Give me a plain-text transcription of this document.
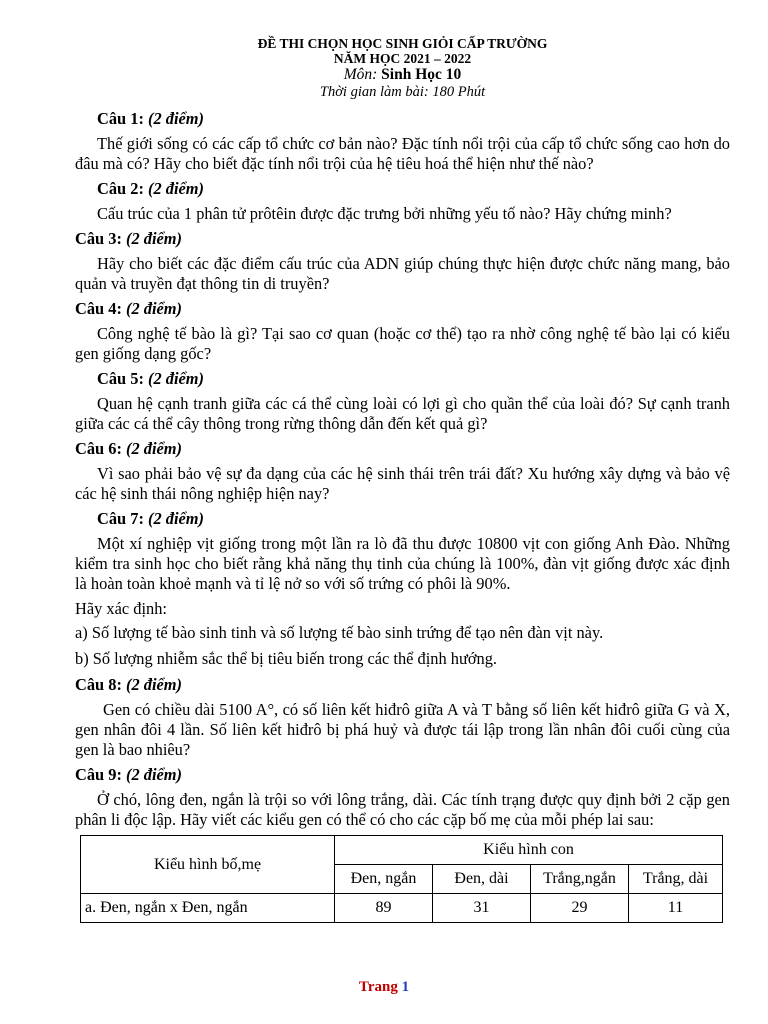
ĐỀ THI CHỌN HỌC SINH GIỎI CẤP TRƯỜNG
NĂM HỌC 2021 – 2022
Môn: Sinh Học 10
Thời gian làm bài: 180 Phút
Câu 1: (2 điểm)
Thế giới sống có các cấp tổ chức cơ bản nào? Đặc tính nổi trội của cấp tổ chức sống cao hơn do đâu mà có? Hãy cho biết đặc tính nổi trội của hệ tiêu hoá thể hiện như thế nào?
Câu 2: (2 điểm)
Cấu trúc của 1 phân tử prôtêin được đặc trưng bởi những yếu tố nào? Hãy chứng minh?
Câu 3: (2 điểm)
Hãy cho biết các đặc điểm cấu trúc của ADN giúp chúng thực hiện được chức năng mang, bảo quản và truyền đạt thông tin di truyền?
Câu 4: (2 điểm)
Công nghệ tế bào là gì? Tại sao cơ quan (hoặc cơ thể) tạo ra nhờ công nghệ tế bào lại có kiểu gen giống dạng gốc?
Câu 5: (2 điểm)
Quan hệ cạnh tranh giữa các cá thể cùng loài có lợi gì cho quần thể của loài đó? Sự cạnh tranh giữa các cá thể cây thông trong rừng thông dẫn đến kết quả gì?
Câu 6: (2 điểm)
Vì sao phải bảo vệ sự đa dạng của các hệ sinh thái trên trái đất? Xu hướng xây dựng và bảo vệ các hệ sinh thái nông nghiệp hiện nay?
Câu 7: (2 điểm)
Một xí nghiệp vịt giống trong một lần ra lò đã thu được 10800 vịt con giống Anh Đào. Những kiểm tra sinh học cho biết rằng khả năng thụ tinh của chúng là 100%, đàn vịt giống được xác định là hoàn toàn khoẻ mạnh và tỉ lệ nở so với số trứng có phôi là 90%.
Hãy xác định:
a) Số lượng tế bào sinh tinh và số lượng tế bào sinh trứng để tạo nên đàn vịt này.
b) Số lượng nhiễm sắc thể bị tiêu biến trong các thể định hướng.
Câu 8: (2 điểm)
Gen có chiều dài 5100 A°, có số liên kết hiđrô giữa A và T bằng số liên kết hiđrô giữa G và X, gen nhân đôi 4 lần. Số liên kết hiđrô bị phá huỷ và được tái lập trong lần nhân đôi cuối cùng của gen là bao nhiêu?
Câu 9: (2 điểm)
Ở chó, lông đen, ngắn là trội so với lông trắng, dài. Các tính trạng được quy định bởi 2 cặp gen phân li độc lập. Hãy viết các kiểu gen có thể có cho các cặp bố mẹ của mỗi phép lai sau:
Kiểu hình bố,mẹ	Kiểu hình con			
	Đen, ngắn	Đen, dài	Trắng,ngắn	Trắng, dài
a. Đen, ngắn x Đen, ngắn	89	31	29	11
Trang 1
